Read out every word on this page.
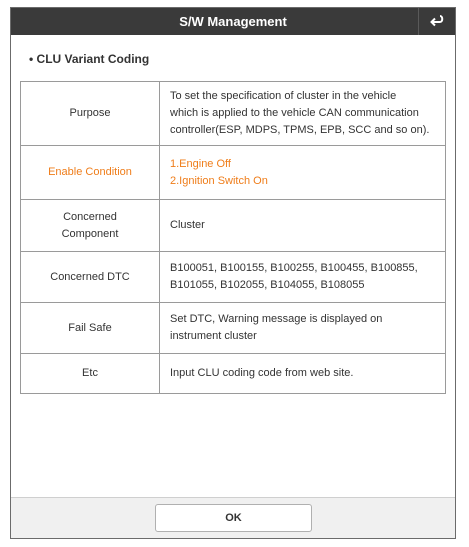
S/W Management
• CLU Variant Coding
Purpose	To set the specification of cluster in the vehicle
which is applied to the vehicle CAN communication
controller(ESP, MDPS, TPMS, EPB, SCC and so on).

Enable Condition	1.Engine Off
2.Ignition Switch On

Concerned
Component	Cluster

Concerned DTC	B100051, B100155, B100255, B100455, B100855,
B101055, B102055, B104055, B108055

Fail Safe	Set DTC, Warning message is displayed on
instrument cluster

Etc	Input CLU coding code from web site.
OK
